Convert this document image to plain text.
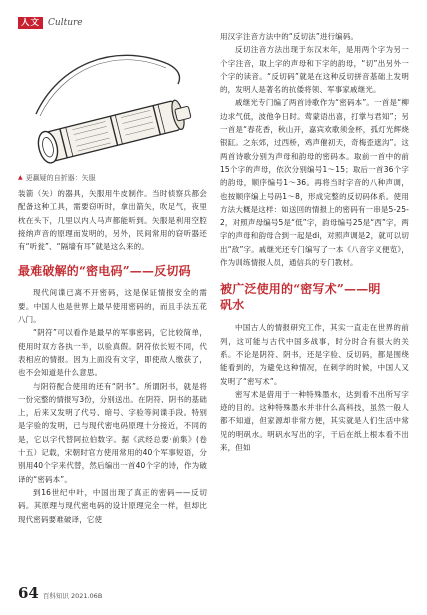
人文 Culture
▲ 更赢疑的自折器：矢服

装箭（矢）的器具，矢服用牛皮制作。当时侦察兵都会配备这种工具，需要窃听时，拿出箭矢，吹足气，夜里枕在头下，几里以内人马声都能听到。矢服是利用空腔接纳声音的原理而发明的，另外，民间常用的窃听器还有“听瓮”、“隔墙有耳”就是这么来的。

最难破解的“密电码”——反切码

现代间谍已离不开密码，这是保证情报安全的需要。中国人也是世界上最早使用密码的，而且手法五花八门。

“阴符”可以看作是最早的军事密码，它比较简单，使用时双方各执一半，以验真假。阴符依长短不同，代表相应的情报。因为上面没有文字，即使敌人缴获了，也不会知道是什么意思。

与阴符配合使用的还有“阴书”。所谓阴书，就是将一份完整的情报写3份，分别送出。在阴符、阴书的基础上，后来又发明了代号、暗号、字验等间谍手段。特别是字验的发明，已与现代密电码原理十分接近，不同的是，它以字代替阿拉伯数字。据《武经总要·前集》(卷十五）记载，宋朝时官方使用常用的40个军事短语，分别用40个字来代替，然后编出一首40个字的诗，作为破译的“密码本”。

到16世纪中叶，中国出现了真正的密码——反切码。其原理与现代密电码的设计原理完全一样，但却比现代密码要难破译，它使

用汉字注音方法中的“反切法”进行编码。

反切注音方法出现于东汉末年，是用两个字为另一个字注音，取上字的声母和下字的韵母，“切”出另外一个字的读音。“反切码”就是在这种反切拼音基础上发明的，发明人是著名的抗倭将领、军事家戚继光。

戚继光专门编了两首诗歌作为“密码本”。一首是“柳边求气低，波他争日时。莺蒙语出喜，打掌与君知”；另一首是“春花香，秋山开，嘉宾欢歌须金杯，孤灯光辉烧银缸。之东郊，过西桥，鸡声催初天，奇梅歪遮沟”。这两首诗歌分别为声母和韵母的密码本。取前一首中的前15个字的声母，依次分别编号1～15；取后一首36个字的韵母，顺序编号1～36。再将当时字音的八种声调，也按顺序编上号码1～8，形成完整的反切码体系。使用方法大概是这样：如送回的情报上的密码有一串是5-25-2，对照声母编号5是“低”字，韵母编号25是“西”字，两字的声母和韵母合到一起是di，对照声调是2，就可以切出“敌”字。戚继光还专门编写了一本《八音字义便览》，作为训练情报人员，通信兵的专门教材。

被广泛使用的“密写术”——明
矾水

中国古人的情报研究工作，其实一直走在世界的前列，这可能与古代中国多战事，时分时合有很大的关系。不论是阴符、阴书，还是字验、反切码，都是围绕能看到的，为避免这种情况，在刺学的时候，中国人又发明了“密写术”。

密写术是借用于一种特殊墨水，达到看不出所写字迹的目的。这种特殊墨水并非什么高科技，虽然一般人都不知道，但家源却非常方便，其实就是人们生活中常见的明矾水。明矾水写出的字，干后在纸上根本看不出来，但如

64 百科知识 2021.06B
